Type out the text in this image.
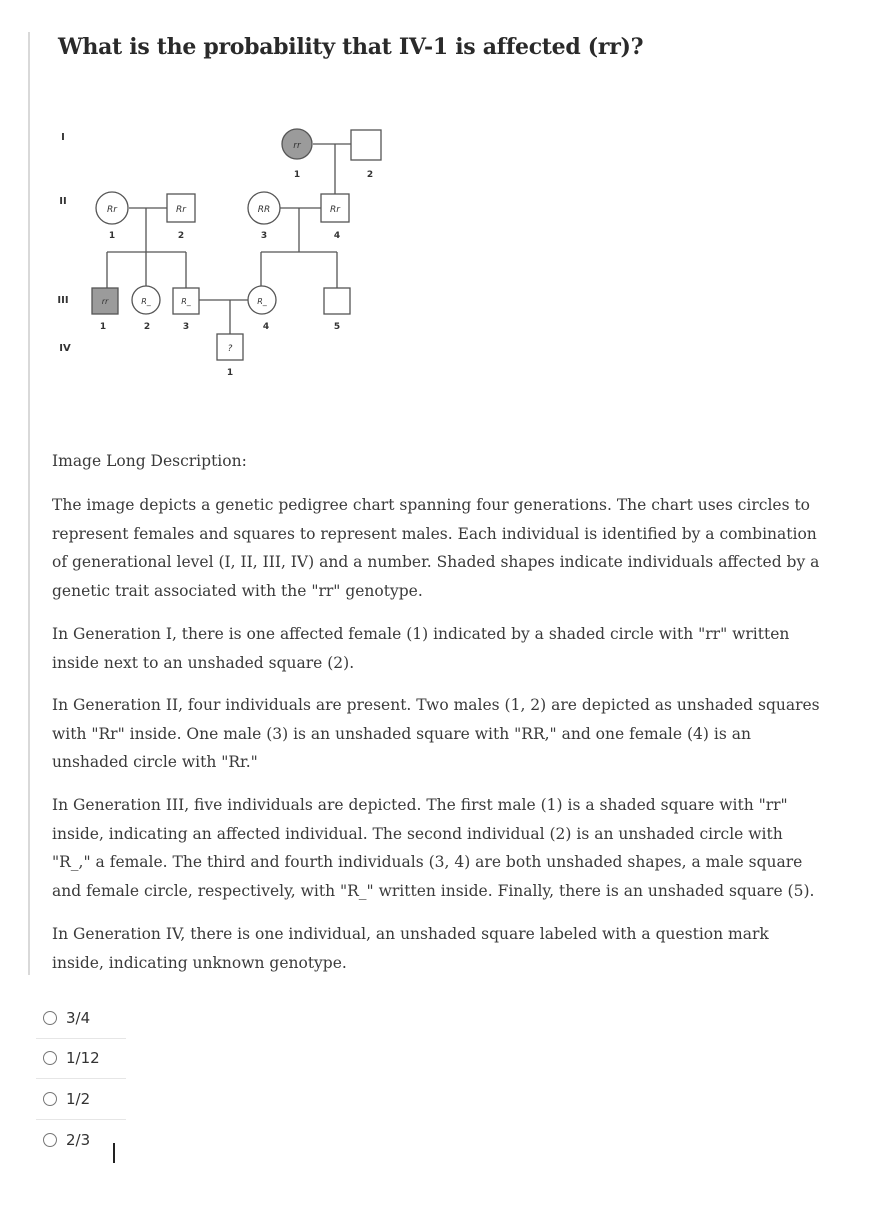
What is the probability that IV-1 is affected (rr)?
rr
1	2
Rr
1
Rr
2
RR
3
Rr
4
rr
1
R_
2
R_
3
R_
4	5
?
1
I
II
III
IV
Image Long Description:

The image depicts a genetic pedigree chart spanning four generations. The chart uses circles to represent females and squares to represent males. Each individual is identified by a combination of generational level (I, II, III, IV) and a number. Shaded shapes indicate individuals affected by a genetic trait associated with the "rr" genotype.

In Generation I, there is one affected female (1) indicated by a shaded circle with "rr" written inside next to an unshaded square (2).

In Generation II, four individuals are present. Two males (1, 2) are depicted as unshaded squares with "Rr" inside. One male (3) is an unshaded square with "RR," and one female (4) is an unshaded circle with "Rr."

In Generation III, five individuals are depicted. The first male (1) is a shaded square with "rr" inside, indicating an affected individual. The second individual (2) is an unshaded circle with "R_," a female. The third and fourth individuals (3, 4) are both unshaded shapes, a male square and female circle, respectively, with "R_" written inside. Finally, there is an unshaded square (5).

In Generation IV, there is one individual, an unshaded square labeled with a question mark inside, indicating unknown genotype.

3/4
1/12
1/2
2/3
